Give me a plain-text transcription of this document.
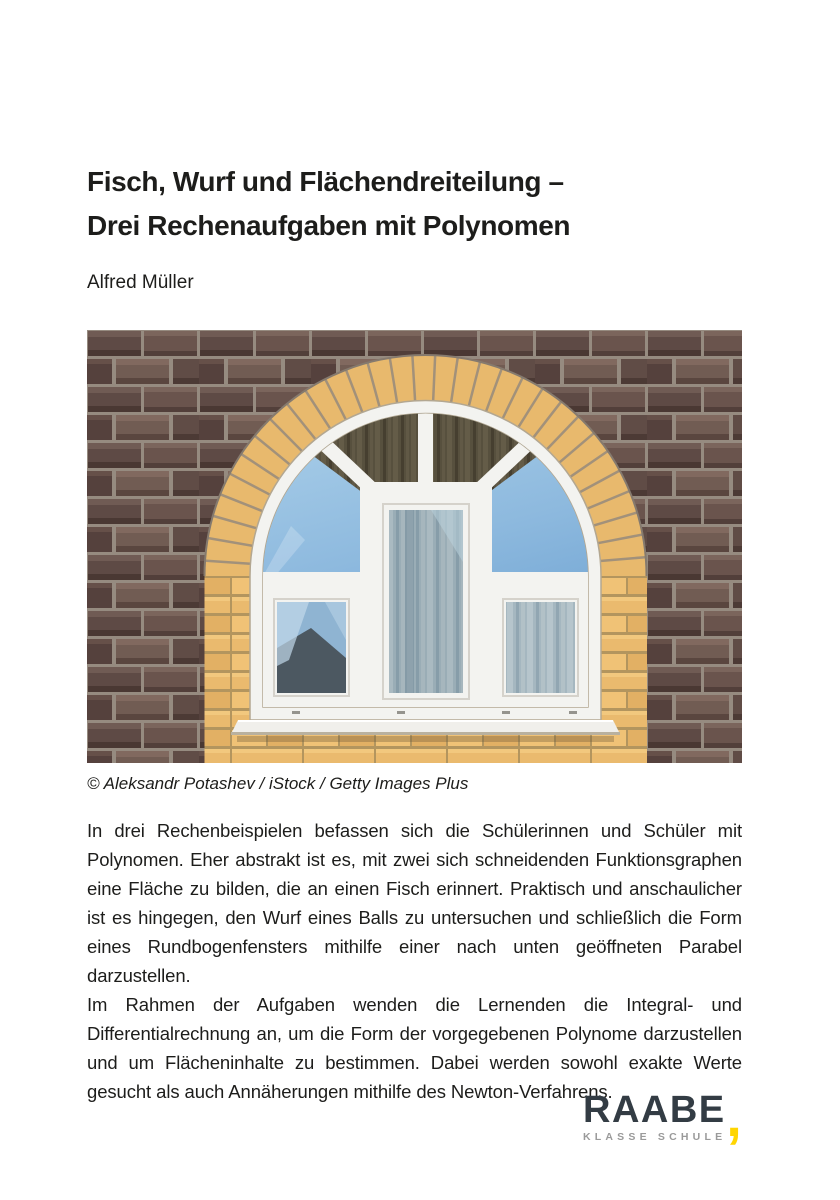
Fisch, Wurf und Flächendreiteilung –
Drei Rechenaufgaben mit Polynomen
Alfred Müller
© Aleksandr Potashev / iStock / Getty Images Plus

In drei Rechenbeispielen befassen sich die Schülerinnen und Schüler mit Polynomen. Eher abstrakt ist es, mit zwei sich schneidenden Funktionsgraphen eine Fläche zu bilden, die an einen Fisch erinnert. Praktisch und anschaulicher ist es hingegen, den Wurf eines Balls zu untersuchen und schließlich die Form eines Rundbogenfensters mithilfe einer nach unten geöffneten Parabel darzustellen.

Im Rahmen der Aufgaben wenden die Lernenden die Integral- und Differentialrechnung an, um die Form der vorgegebenen Polynome darzustellen und um Flächeninhalte zu bestimmen. Dabei werden sowohl exakte Werte gesucht als auch Annäherungen mithilfe des Newton-Verfahrens.

RAABE
KLASSE SCHULE ,
